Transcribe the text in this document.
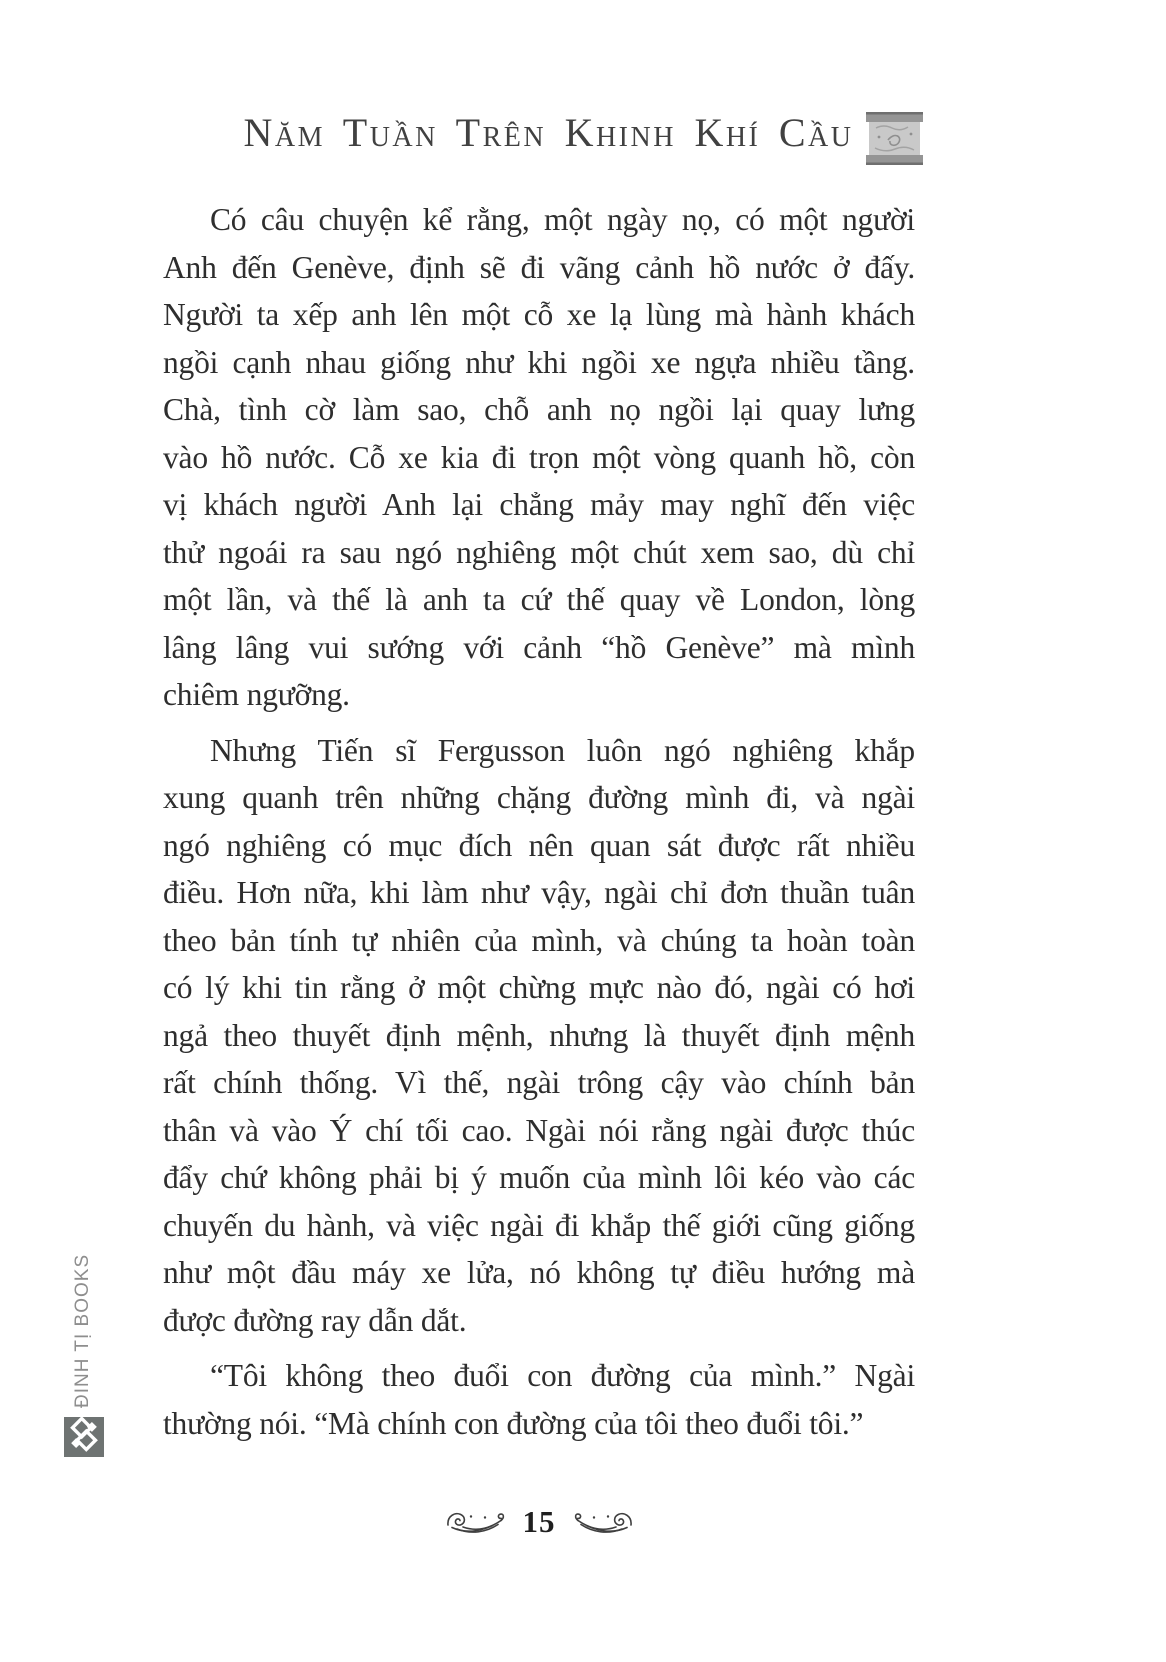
Năm Tuần Trên Khinh Khí Cầu
Có câu chuyện kể rằng, một ngày nọ, có một người
Anh đến Genève, định sẽ đi vãng cảnh hồ nước ở đấy.
Người ta xếp anh lên một cỗ xe lạ lùng mà hành khách
ngồi cạnh nhau giống như khi ngồi xe ngựa nhiều tầng.
Chà, tình cờ làm sao, chỗ anh nọ ngồi lại quay lưng
vào hồ nước. Cỗ xe kia đi trọn một vòng quanh hồ, còn
vị khách người Anh lại chẳng mảy may nghĩ đến việc
thử ngoái ra sau ngó nghiêng một chút xem sao, dù chỉ
một lần, và thế là anh ta cứ thế quay về London, lòng
lâng lâng vui sướng với cảnh “hồ Genève” mà mình
chiêm ngưỡng.
Nhưng Tiến sĩ Fergusson luôn ngó nghiêng khắp
xung quanh trên những chặng đường mình đi, và ngài
ngó nghiêng có mục đích nên quan sát được rất nhiều
điều. Hơn nữa, khi làm như vậy, ngài chỉ đơn thuần tuân
theo bản tính tự nhiên của mình, và chúng ta hoàn toàn
có lý khi tin rằng ở một chừng mực nào đó, ngài có hơi
ngả theo thuyết định mệnh, nhưng là thuyết định mệnh
rất chính thống. Vì thế, ngài trông cậy vào chính bản
thân và vào Ý chí tối cao. Ngài nói rằng ngài được thúc
đẩy chứ không phải bị ý muốn của mình lôi kéo vào các
chuyến du hành, và việc ngài đi khắp thế giới cũng giống
như một đầu máy xe lửa, nó không tự điều hướng mà
được đường ray dẫn dắt.
“Tôi không theo đuổi con đường của mình.” Ngài
thường nói. “Mà chính con đường của tôi theo đuổi tôi.”
ĐINH TỊ BOOKS
15
